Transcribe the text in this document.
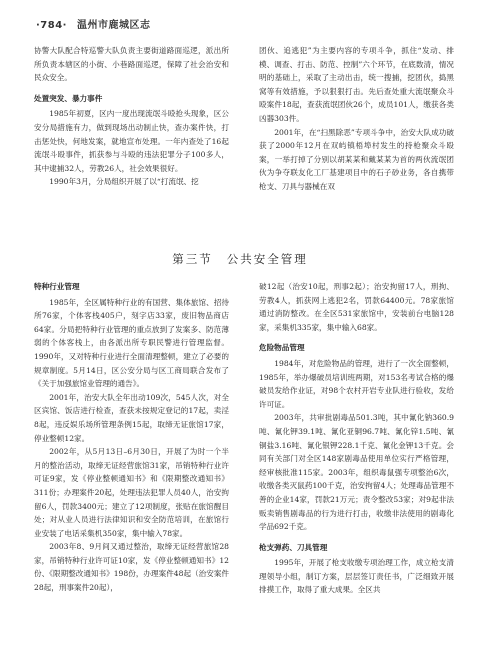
·784· 温州市鹿城区志

协警大队配合特巡警大队负责主要街道路面巡逻，派出所所负责本辖区的小街、小巷路面巡逻，保障了社会治安和民众安全。

处置突发、暴力事件

1985年初夏，区内一度出现流氓斗殴抢头现象，区公安分局措施有力，做到现场出动制止快，查办案件快，打击惩处快，何地发案，就地宣布处理。一年内查处了16起流氓斗殴事件，抓获参与斗殴的违法犯罪分子100多人，其中逮捕32人，劳教26人，社会效果很好。

1990年3月，分局组织开展了以“打流氓、挖

团伙、追逃犯”为主要内容的专项斗争，抓住“发动、排模、调查、打击、防范、控制”六个环节，在底数清，情况明的基础上，采取了主动出击，统一搜捕，挖团伙，捣黑窝等有效措施，予以狠狠打击。先后查处重大流氓聚众斗殴案件18起，查获流氓团伙26个，成员101人，缴获各类凶器303件。

2001年，在“扫黑除恶”专项斗争中，治安大队成功破获了2000年12月在双屿镇梧埠村发生的持枪聚众斗殴案，一举打掉了分别以胡某某和戴某某为首的两伙流氓团伙为争夺联友化工厂基建项目中的石子砂业务，各自携带枪支、刀具与器械在双

第三节 公共安全管理

特种行业管理

1985年，全区属特种行业的有国营、集体旅馆、招待所76家，个体客栈405户，刻字店33家，废旧物品商店64家。分局把特种行业管理的重点放到了发案多、防范薄弱的个体客栈上，由各派出所专职民警进行管理监督。1990年，又对特种行业进行全面清理整顿，建立了必要的规章制度。5月14日，区公安分局与区工商局联合发布了《关于加强旅馆业管理的通告》。

2001年，治安大队全年出动109次，545人次，对全区宾馆、饭店进行检查，查获未按规定登记的17起，卖淫8起，违反娱乐场所管理条例15起，取缔无证旅馆17家，停业整顿12家。

2002年，从5月13日–6月30日，开展了为时一个半月的整治活动，取缔无证经营旅馆31家，吊销特种行业许可证9家，发《停业整顿通知书》和《限期整改通知书》311份；办理案件20起，处理违法犯罪人员40人，治安拘留6人，罚款3400元；建立了12项制度，张贴在旅馆醒目处；对从业人员进行法律知识和安全防范培训，在旅馆行业安装了电话采集机350家，集中输入78家。

2003年8、9月间又通过整治，取缔无证经营旅馆28家，吊销特种行业许可证10家，发《停业整顿通知书》12份、《限期整改通知书》198份，办理案件48起（治安案件28起，刑事案件20起），

破12起（治安10起，刑事2起）；治安拘留17人，刑拘、劳教4人，抓获网上逃犯2名，罚款64400元。78家旅馆通过消防整改。在全区531家旅馆中，安装前台电脑128家，采集机335家，集中输入68家。

危险物品管理

1984年，对危险物品的管理，进行了一次全面整顿，1985年，举办爆破员培训班两期，对153名考试合格的爆破员发给作业证，对98个农村开岩专业队进行验收，发给许可证。

2003年，共审批剧毒品501.3吨，其中氰化钠360.9吨、氰化钾39.1吨、氰化亚铜96.7吨、氰化锌1.5吨、氰铜盐3.16吨、氰化银钾228.1千克、氰化金钾13千克。会同有关部门对全区148家剧毒品使用单位实行严格管理，经审核批准115家。2003年，组织毒鼠强专项整治6次，收缴各类灭鼠药100千克，治安拘留4人；处理毒品管理不善的企业14家，罚款21万元；责令整改53家；对9起非法贩卖销售剧毒品的行为进行打击，收缴非法使用的剧毒化学品692千克。

枪支弹药、刀具管理

1995年，开展了枪支收缴专项治理工作，成立枪支清理领导小组，制订方案，层层签订责任书，广泛细致开展排摸工作，取得了重大成果。全区共
